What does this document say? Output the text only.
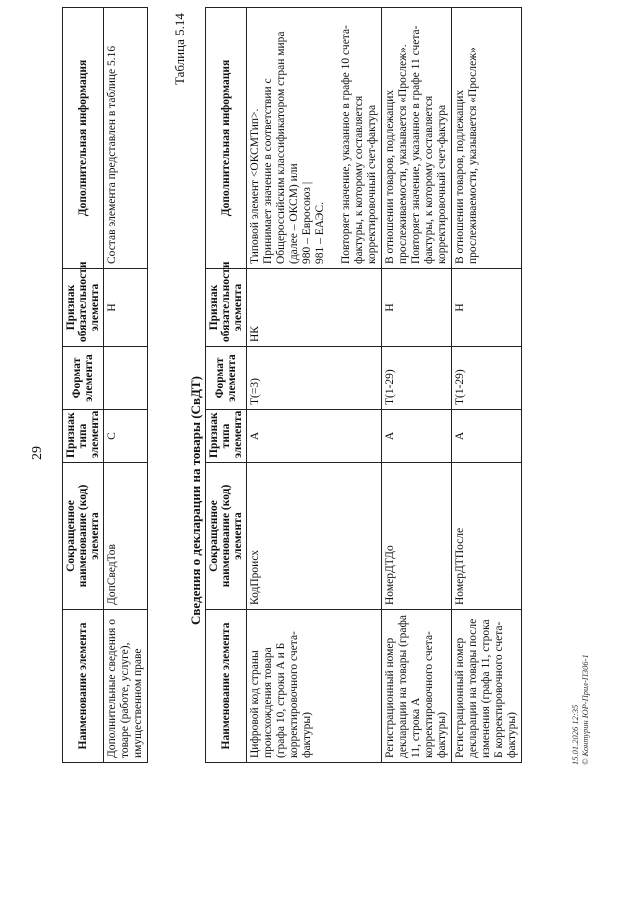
29
Наименование элемента	Сокращенное наименование (код) элемента	Признак типа элемента	Формат элемента	Признак обязательности элемента	Дополнительная информация
Дополнительные сведения о товаре (работе, услуге), имущественном праве	ДопСведТов	С		Н	Состав элемента представлен в таблице 5.16	Таблица 5.14
Сведения о декларации на товары (СвДТ)
Наименование элемента	Сокращенное наименование (код) элемента	Признак типа элемента	Формат элемента	Признак обязательности элемента	Дополнительная информация
Цифровой код страны происхождения товара (графа 10, строки А и Б корректировочного счета-фактуры)	КодПроисх	А	Т(=3)	НК	Типовой элемент <ОКСМТип>. Принимает значение в соответствии с Общероссийским классификатором стран мира (далее – ОКСМ) или 980 – Евросоюз | 981 – ЕАЭС. Повторяет значение, указанное в графе 10 счета-фактуры, к которому составляется корректировочный счет-фактура

Регистрационный номер декларации на товары (графа 11, строка А корректировочного счета-фактуры)	НомерДТДо	А	Т(1-29)	Н	В отношении товаров, подлежащих прослеживаемости, указывается «Прослеж». Повторяет значение, указанное в графе 11 счета-фактуры, к которому составляется корректировочный счет-фактура

Регистрационный номер декларации на товары после изменения (графа 11, строка Б корректировочного счета-фактуры)	НомерДТПосле	А	Т(1-29)	Н	В отношении товаров, подлежащих прослеживаемости, указывается «Прослеж»
15.01.2026 12:35 © Контурин ЮР-Прил-П306-1
